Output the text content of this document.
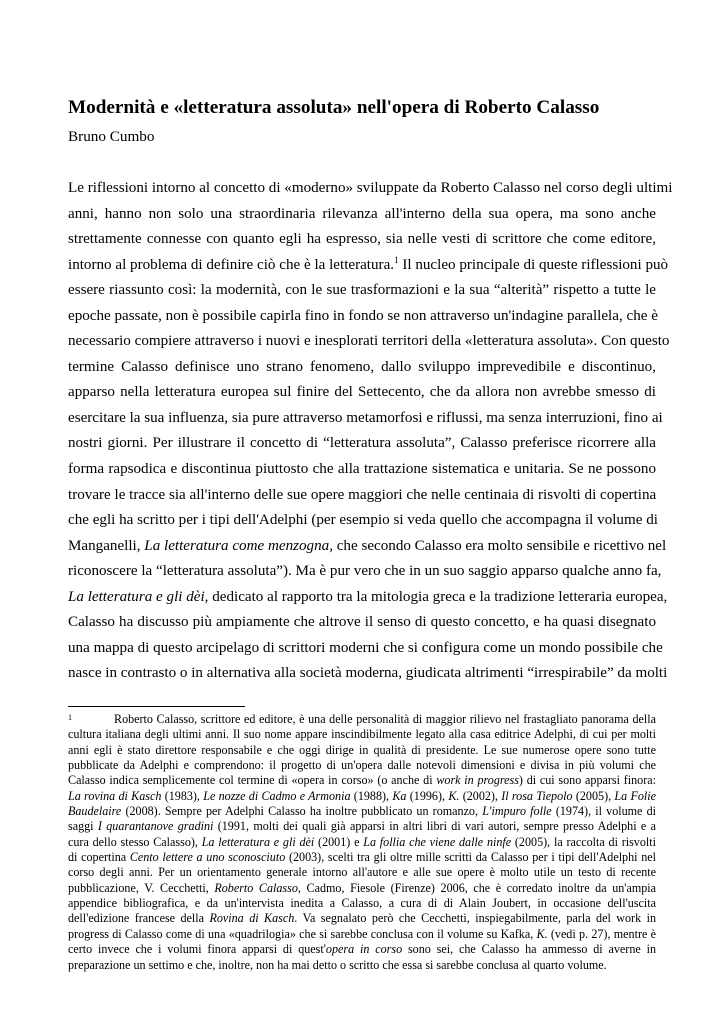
Modernità e «letteratura assoluta» nell'opera di Roberto Calasso
Bruno Cumbo
Le riflessioni intorno al concetto di «moderno» sviluppate da Roberto Calasso nel corso degli ultimi
anni, hanno non solo una straordinaria rilevanza all'interno della sua opera, ma sono anche
strettamente connesse con quanto egli ha espresso, sia nelle vesti di scrittore che come editore,
intorno al problema di definire ciò che è la letteratura.$^1$ Il nucleo principale di queste riflessioni può
essere riassunto così: la modernità, con le sue trasformazioni e la sua “alterità” rispetto a tutte le
epoche passate, non è possibile capirla fino in fondo se non attraverso un'indagine parallela, che è
necessario compiere attraverso i nuovi e inesplorati territori della «letteratura assoluta». Con questo
termine Calasso definisce uno strano fenomeno, dallo sviluppo imprevedibile e discontinuo,
apparso nella letteratura europea sul finire del Settecento, che da allora non avrebbe smesso di
esercitare la sua influenza, sia pure attraverso metamorfosi e riflussi, ma senza interruzioni, fino ai
nostri giorni. Per illustrare il concetto di “letteratura assoluta”, Calasso preferisce ricorrere alla
forma rapsodica e discontinua piuttosto che alla trattazione sistematica e unitaria. Se ne possono
trovare le tracce sia all'interno delle sue opere maggiori che nelle centinaia di risvolti di copertina
che egli ha scritto per i tipi dell'Adelphi (per esempio si veda quello che accompagna il volume di
Manganelli, La letteratura come menzogna, che secondo Calasso era molto sensibile e ricettivo nel
riconoscere la “letteratura assoluta”). Ma è pur vero che in un suo saggio apparso qualche anno fa,
La letteratura e gli dèi, dedicato al rapporto tra la mitologia greca e la tradizione letteraria europea,
Calasso ha discusso più ampiamente che altrove il senso di questo concetto, e ha quasi disegnato
una mappa di questo arcipelago di scrittori moderni che si configura come un mondo possibile che
nasce in contrasto o in alternativa alla società moderna, giudicata altrimenti “irrespirabile” da molti
1	Roberto Calasso, scrittore ed editore, è una delle personalità di maggior rilievo nel frastagliato panorama della
cultura italiana degli ultimi anni. Il suo nome appare inscindibilmente legato alla casa editrice Adelphi, di cui per molti
anni egli è stato direttore responsabile e che oggi dirige in qualità di presidente. Le sue numerose opere sono tutte
pubblicate da Adelphi e comprendono: il progetto di un'opera dalle notevoli dimensioni e divisa in più volumi che
Calasso indica semplicemente col termine di «opera in corso» (o anche di work in progress) di cui sono apparsi finora:
La rovina di Kasch (1983), Le nozze di Cadmo e Armonia (1988), Ka (1996), K. (2002), Il rosa Tiepolo (2005), La Folie
Baudelaire (2008). Sempre per Adelphi Calasso ha inoltre pubblicato un romanzo, L'impuro folle (1974), il volume di
saggi I quarantanove gradini (1991, molti dei quali già apparsi in altri libri di vari autori, sempre presso Adelphi e a
cura dello stesso Calasso), La letteratura e gli dèi (2001) e La follia che viene dalle ninfe (2005), la raccolta di risvolti
di copertina Cento lettere a uno sconosciuto (2003), scelti tra gli oltre mille scritti da Calasso per i tipi dell'Adelphi nel
corso degli anni. Per un orientamento generale intorno all'autore e alle sue opere è molto utile un testo di recente
pubblicazione, V. Cecchetti, Roberto Calasso, Cadmo, Fiesole (Firenze) 2006, che è corredato inoltre da un'ampia
appendice bibliografica, e da un'intervista inedita a Calasso, a cura di di Alain Joubert, in occasione dell'uscita
dell'edizione francese della Rovina di Kasch. Va segnalato però che Cecchetti, inspiegabilmente, parla del work in
progress di Calasso come di una «quadrilogia» che si sarebbe conclusa con il volume su Kafka, K. (vedi p. 27), mentre è
certo invece che i volumi finora apparsi di quest'opera in corso sono sei, che Calasso ha ammesso di averne in
preparazione un settimo e che, inoltre, non ha mai detto o scritto che essa si sarebbe conclusa al quarto volume.
